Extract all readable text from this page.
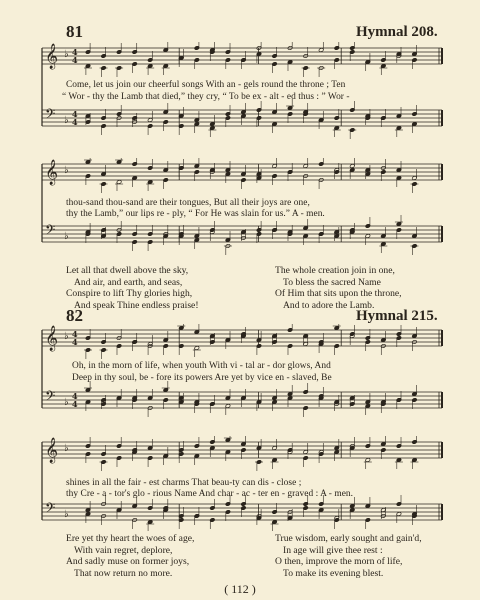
81	Hymnal 208.
𝄞 ♭ 4
4
𝄢 ♭
4
4
Come, let us join our cheerful songs With an - gels round the throne ; Ten
“ Wor - thy the Lamb that died,” they cry, “ To be ex - alt - ed thus : ” Wor -
𝄞 ♭
𝄢 ♭
thou-sand thou-sand are their tongues, But all their joys are one,
thy the Lamb,” our lips re - ply, “ For He was slain for us.” A - men.
Let all that dwell above the sky,
And air, and earth, and seas,
Conspire to lift Thy glories high,
And speak Thine endless praise!
The whole creation join in one,
To bless the sacred Name
Of Him that sits upon the throne,
And to adore the Lamb.
82	Hymnal 215.
𝄞 ♭ 4
4
𝄢 ♭
4
4
Oh, in the morn of life, when youth With vi - tal ar - dor glows, And
Deep in thy soul, be - fore its powers Are yet by vice en - slaved, Be
𝄞 ♭
𝄢 ♭
shines in all the fair - est charms That beau-ty can dis - close ;
thy Cre - a - tor's glo - rious Name And char - ac - ter en - graved : A - men.
Ere yet thy heart the woes of age,
With vain regret, deplore,
And sadly muse on former joys,
That now return no more.
True wisdom, early sought and gain'd,
In age will give thee rest :
O then, improve the morn of life,
To make its evening blest.
( 112 )
